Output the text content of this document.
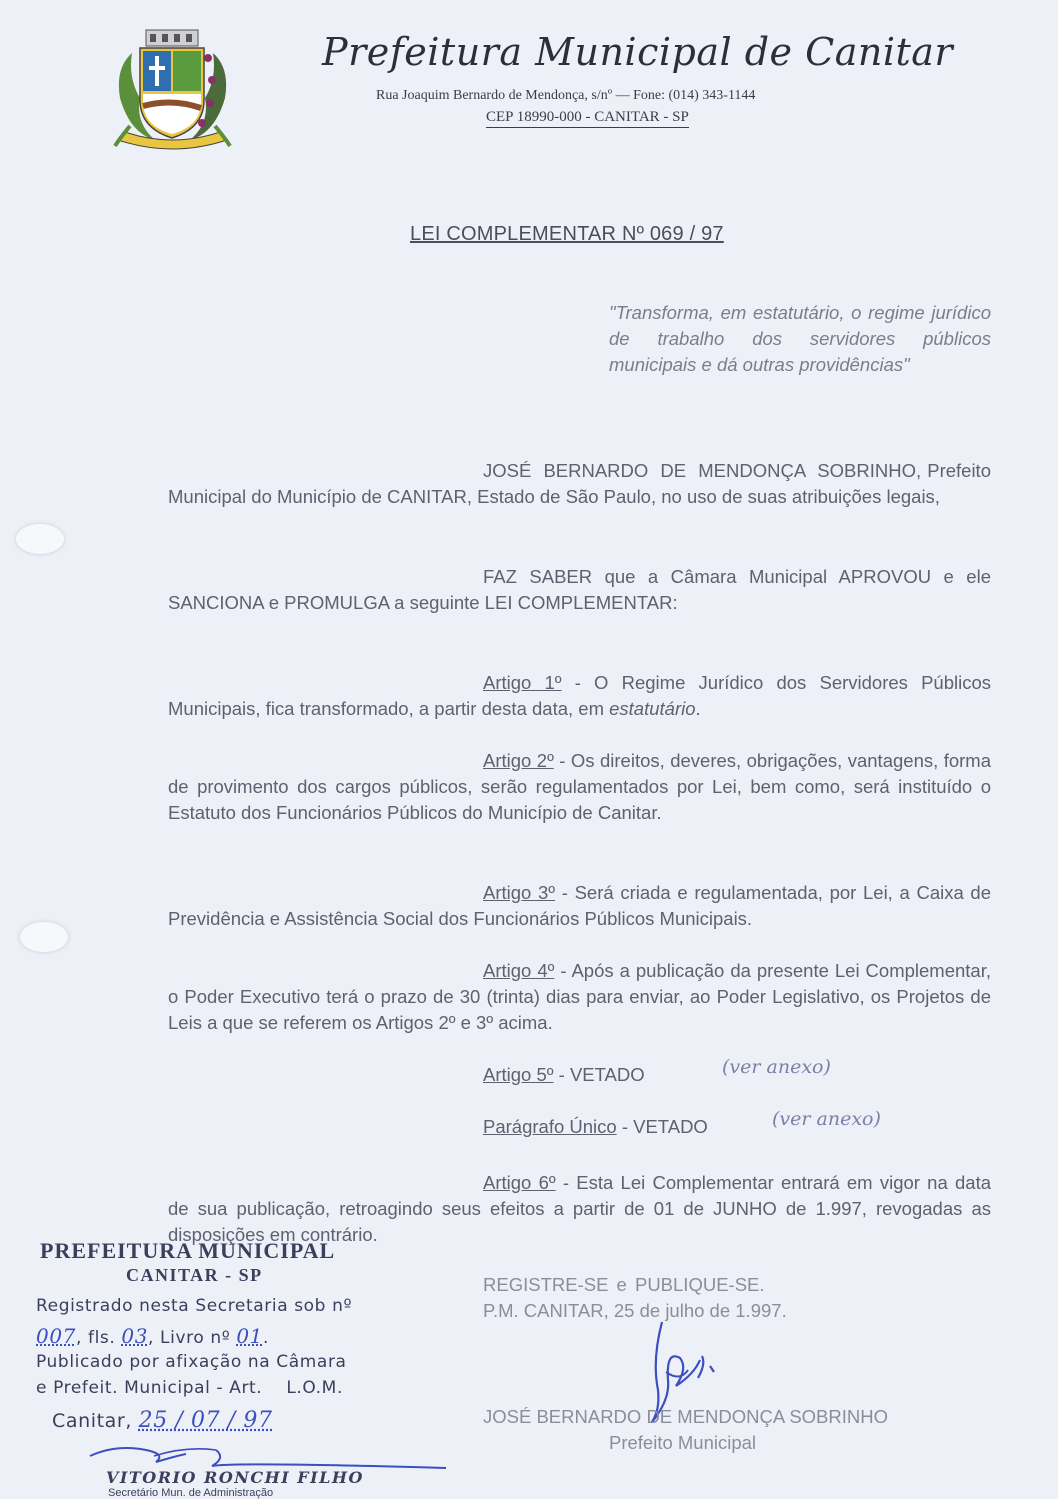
Prefeitura Municipal de Canitar
Rua Joaquim Bernardo de Mendonça, s/nº — Fone: (014) 343-1144
CEP 18990-000 - CANITAR - SP
LEI COMPLEMENTAR Nº 069 / 97
"Transforma, em estatutário, o regime jurídico de trabalho dos servidores públicos municipais e dá outras providências"
JOSÉ BERNARDO DE MENDONÇA SOBRINHO, Prefeito Municipal do Município de CANITAR, Estado de São Paulo, no uso de suas atribuições legais,
FAZ SABER que a Câmara Municipal APROVOU e ele SANCIONA e PROMULGA a seguinte LEI COMPLEMENTAR:
Artigo 1º - O Regime Jurídico dos Servidores Públicos Municipais, fica transformado, a partir desta data, em estatutário.
Artigo 2º - Os direitos, deveres, obrigações, vantagens, forma de provimento dos cargos públicos, serão regulamentados por Lei, bem como, será instituído o Estatuto dos Funcionários Públicos do Município de Canitar.
Artigo 3º - Será criada e regulamentada, por Lei, a Caixa de Previdência e Assistência Social dos Funcionários Públicos Municipais.
Artigo 4º - Após a publicação da presente Lei Complementar, o Poder Executivo terá o prazo de 30 (trinta) dias para enviar, ao Poder Legislativo, os Projetos de Leis a que se referem os Artigos 2º e 3º acima.
Artigo 5º - VETADO	(ver anexo)
Parágrafo Único - VETADO	(ver anexo)
Artigo 6º - Esta Lei Complementar entrará em vigor na data de sua publicação, retroagindo seus efeitos a partir de 01 de JUNHO de 1.997, revogadas as disposições em contrário.
REGISTRE-SE e PUBLIQUE-SE.
P.M. CANITAR, 25 de julho de 1.997.
JOSÉ BERNARDO DE MENDONÇA SOBRINHO
Prefeito Municipal
PREFEITURA MUNICIPAL
CANITAR - SP
Registrado nesta Secretaria sob nº
007, fls. 03, Livro nº 01.
Publicado por afixação na Câmara
e Prefeit. Municipal - Art.    L.O.M.
Canitar, 25 / 07 / 97
VITORIO RONCHI FILHO
Secretário Mun. de Administração
